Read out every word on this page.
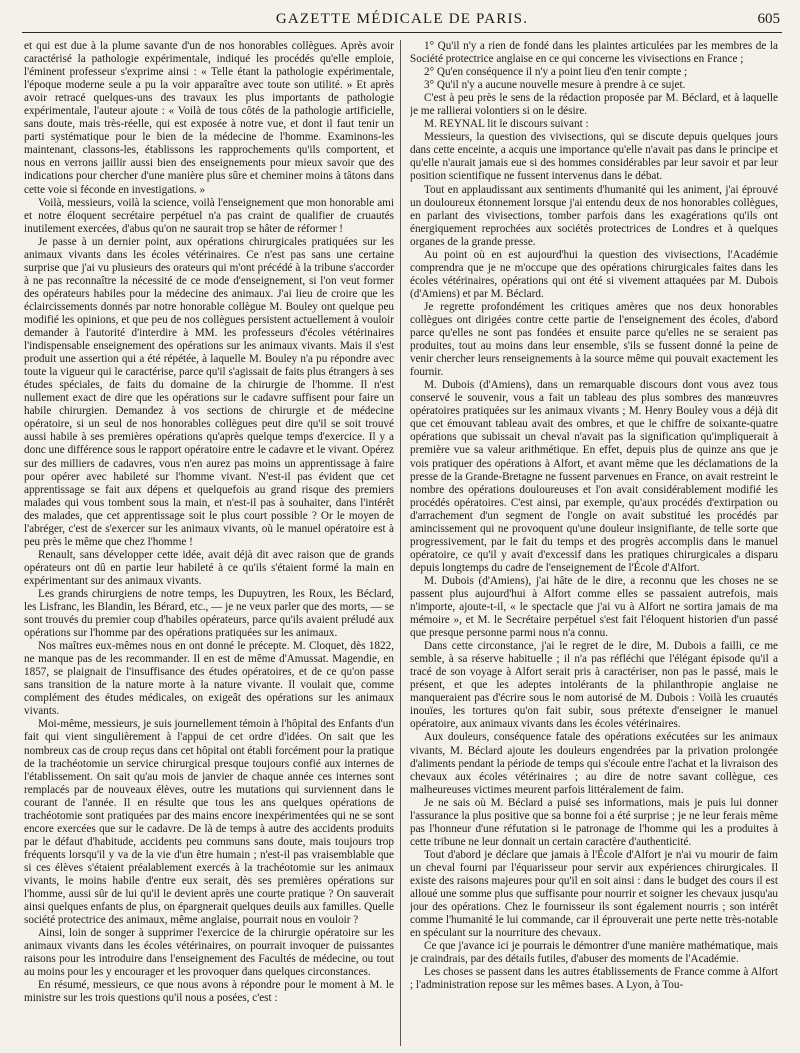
GAZETTE MÉDICALE DE PARIS.	605

et qui est due à la plume savante d'un de nos honorables collègues. Après avoir caractérisé la pathologie expérimentale, indiqué les procédés qu'elle emploie, l'éminent professeur s'exprime ainsi : « Telle étant la pathologie expérimentale, l'époque moderne seule a pu la voir apparaître avec toute son utilité. » Et après avoir retracé quelques-uns des travaux les plus importants de pathologie expérimentale, l'auteur ajoute : « Voilà de tous côtés de la pathologie artificielle, sans doute, mais très-réelle, qui est exposée à notre vue, et dont il faut tenir un parti systématique pour le bien de la médecine de l'homme. Examinons-les maintenant, classons-les, établissons les rapprochements qu'ils comportent, et nous en verrons jaillir aussi bien des enseignements pour mieux savoir que des indications pour chercher d'une manière plus sûre et cheminer moins à tâtons dans cette voie si féconde en investigations. »

Voilà, messieurs, voilà la science, voilà l'enseignement que mon honorable ami et notre éloquent secrétaire perpétuel n'a pas craint de qualifier de cruautés inutilement exercées, d'abus qu'on ne saurait trop se hâter de réformer !

Je passe à un dernier point, aux opérations chirurgicales pratiquées sur les animaux vivants dans les écoles vétérinaires. Ce n'est pas sans une certaine surprise que j'ai vu plusieurs des orateurs qui m'ont précédé à la tribune s'accorder à ne pas reconnaître la nécessité de ce mode d'enseignement, si l'on veut former des opérateurs habiles pour la médecine des animaux. J'ai lieu de croire que les éclaircissements donnés par notre honorable collègue M. Bouley ont quelque peu modifié les opinions, et que peu de nos collègues persistent actuellement à vouloir demander à l'autorité d'interdire à MM. les professeurs d'écoles vétérinaires l'indispensable enseignement des opérations sur les animaux vivants. Mais il s'est produit une assertion qui a été répétée, à laquelle M. Bouley n'a pu répondre avec toute la vigueur qui le caractérise, parce qu'il s'agissait de faits plus étrangers à ses études spéciales, de faits du domaine de la chirurgie de l'homme. Il n'est nullement exact de dire que les opérations sur le cadavre suffisent pour faire un habile chirurgien. Demandez à vos sections de chirurgie et de médecine opératoire, si un seul de nos honorables collègues peut dire qu'il se soit trouvé aussi habile à ses premières opérations qu'après quelque temps d'exercice. Il y a donc une différence sous le rapport opératoire entre le cadavre et le vivant. Opérez sur des milliers de cadavres, vous n'en aurez pas moins un apprentissage à faire pour opérer avec habileté sur l'homme vivant. N'est-il pas évident que cet apprentissage se fait aux dépens et quelquefois au grand risque des premiers malades qui vous tombent sous la main, et n'est-il pas à souhaiter, dans l'intérêt des malades, que cet apprentissage soit le plus court possible ? Or le moyen de l'abréger, c'est de s'exercer sur les animaux vivants, où le manuel opératoire est à peu près le même que chez l'homme !

Renault, sans développer cette idée, avait déjà dit avec raison que de grands opérateurs ont dû en partie leur habileté à ce qu'ils s'étaient formé la main en expérimentant sur des animaux vivants.

Les grands chirurgiens de notre temps, les Dupuytren, les Roux, les Béclard, les Lisfranc, les Blandin, les Bérard, etc., — je ne veux parler que des morts, — se sont trouvés du premier coup d'habiles opérateurs, parce qu'ils avaient préludé aux opérations sur l'homme par des opérations pratiquées sur les animaux.

Nos maîtres eux-mêmes nous en ont donné le précepte. M. Cloquet, dès 1822, ne manque pas de les recommander. Il en est de même d'Amussat. Magendie, en 1857, se plaignait de l'insuffisance des études opératoires, et de ce qu'on passe sans transition de la nature morte à la nature vivante. Il voulait que, comme complément des études médicales, on exigeât des opérations sur les animaux vivants.

Moi-même, messieurs, je suis journellement témoin à l'hôpital des Enfants d'un fait qui vient singulièrement à l'appui de cet ordre d'idées. On sait que les nombreux cas de croup reçus dans cet hôpital ont établi forcément pour la pratique de la trachéotomie un service chirurgical presque toujours confié aux internes de l'établissement. On sait qu'au mois de janvier de chaque année ces internes sont remplacés par de nouveaux élèves, outre les mutations qui surviennent dans le courant de l'année. Il en résulte que tous les ans quelques opérations de trachéotomie sont pratiquées par des mains encore inexpérimentées qui ne se sont encore exercées que sur le cadavre. De là de temps à autre des accidents produits par le défaut d'habitude, accidents peu communs sans doute, mais toujours trop fréquents lorsqu'il y va de la vie d'un être humain ; n'est-il pas vraisemblable que si ces élèves s'étaient préalablement exercés à la trachéotomie sur les animaux vivants, le moins habile d'entre eux serait, dès ses premières opérations sur l'homme, aussi sûr de lui qu'il le devient après une courte pratique ? On sauverait ainsi quelques enfants de plus, on épargnerait quelques deuils aux familles. Quelle société protectrice des animaux, même anglaise, pourrait nous en vouloir ?

Ainsi, loin de songer à supprimer l'exercice de la chirurgie opératoire sur les animaux vivants dans les écoles vétérinaires, on pourrait invoquer de puissantes raisons pour les introduire dans l'enseignement des Facultés de médecine, ou tout au moins pour les y encourager et les provoquer dans quelques circonstances.

En résumé, messieurs, ce que nous avons à répondre pour le moment à M. le ministre sur les trois questions qu'il nous a posées, c'est :

1° Qu'il n'y a rien de fondé dans les plaintes articulées par les membres de la Société protectrice anglaise en ce qui concerne les vivisections en France ;

2° Qu'en conséquence il n'y a point lieu d'en tenir compte ;

3° Qu'il n'y a aucune nouvelle mesure à prendre à ce sujet.

C'est à peu près le sens de la rédaction proposée par M. Béclard, et à laquelle je me rallierai volontiers si on le désire.

M. REYNAL lit le discours suivant :

Messieurs, la question des vivisections, qui se discute depuis quelques jours dans cette enceinte, a acquis une importance qu'elle n'avait pas dans le principe et qu'elle n'aurait jamais eue si des hommes considérables par leur savoir et par leur position scientifique ne fussent intervenus dans le débat.

Tout en applaudissant aux sentiments d'humanité qui les animent, j'ai éprouvé un douloureux étonnement lorsque j'ai entendu deux de nos honorables collègues, en parlant des vivisections, tomber parfois dans les exagérations qu'ils ont énergiquement reprochées aux sociétés protectrices de Londres et à quelques organes de la grande presse.

Au point où en est aujourd'hui la question des vivisections, l'Académie comprendra que je ne m'occupe que des opérations chirurgicales faites dans les écoles vétérinaires, opérations qui ont été si vivement attaquées par M. Dubois (d'Amiens) et par M. Béclard.

Je regrette profondément les critiques amères que nos deux honorables collègues ont dirigées contre cette partie de l'enseignement des écoles, d'abord parce qu'elles ne sont pas fondées et ensuite parce qu'elles ne se seraient pas produites, tout au moins dans leur ensemble, s'ils se fussent donné la peine de venir chercher leurs renseignements à la source même qui pouvait exactement les fournir.

M. Dubois (d'Amiens), dans un remarquable discours dont vous avez tous conservé le souvenir, vous a fait un tableau des plus sombres des manœuvres opératoires pratiquées sur les animaux vivants ; M. Henry Bouley vous a déjà dit que cet émouvant tableau avait des ombres, et que le chiffre de soixante-quatre opérations que subissait un cheval n'avait pas la signification qu'impliquerait à première vue sa valeur arithmétique. En effet, depuis plus de quinze ans que je vois pratiquer des opérations à Alfort, et avant même que les déclamations de la presse de la Grande-Bretagne ne fussent parvenues en France, on avait restreint le nombre des opérations douloureuses et l'on avait considérablement modifié les procédés opératoires. C'est ainsi, par exemple, qu'aux procédés d'extirpation ou d'arrachement d'un segment de l'ongle on avait substitué les procédés par amincissement qui ne provoquent qu'une douleur insignifiante, de telle sorte que progressivement, par le fait du temps et des progrès accomplis dans le manuel opératoire, ce qu'il y avait d'excessif dans les pratiques chirurgicales a disparu depuis longtemps du cadre de l'enseignement de l'École d'Alfort.

M. Dubois (d'Amiens), j'ai hâte de le dire, a reconnu que les choses ne se passent plus aujourd'hui à Alfort comme elles se passaient autrefois, mais n'importe, ajoute-t-il, « le spectacle que j'ai vu à Alfort ne sortira jamais de ma mémoire », et M. le Secrétaire perpétuel s'est fait l'éloquent historien d'un passé que presque personne parmi nous n'a connu.

Dans cette circonstance, j'ai le regret de le dire, M. Dubois a failli, ce me semble, à sa réserve habituelle ; il n'a pas réfléchi que l'élégant épisode qu'il a tracé de son voyage à Alfort serait pris à caractériser, non pas le passé, mais le présent, et que les adeptes intolérants de la philanthropie anglaise ne manqueraient pas d'écrire sous le nom autorisé de M. Dubois : Voilà les cruautés inouïes, les tortures qu'on fait subir, sous prétexte d'enseigner le manuel opératoire, aux animaux vivants dans les écoles vétérinaires.

Aux douleurs, conséquence fatale des opérations exécutées sur les animaux vivants, M. Béclard ajoute les douleurs engendrées par la privation prolongée d'aliments pendant la période de temps qui s'écoule entre l'achat et la livraison des chevaux aux écoles vétérinaires ; au dire de notre savant collègue, ces malheureuses victimes meurent parfois littéralement de faim.

Je ne sais où M. Béclard a puisé ses informations, mais je puis lui donner l'assurance la plus positive que sa bonne foi a été surprise ; je ne leur ferais même pas l'honneur d'une réfutation si le patronage de l'homme qui les a produites à cette tribune ne leur donnait un certain caractère d'authenticité.

Tout d'abord je déclare que jamais à l'École d'Alfort je n'ai vu mourir de faim un cheval fourni par l'équarisseur pour servir aux expériences chirurgicales. Il existe des raisons majeures pour qu'il en soit ainsi : dans le budget des cours il est alloué une somme plus que suffisante pour nourrir et soigner les chevaux jusqu'au jour des opérations. Chez le fournisseur ils sont également nourris ; son intérêt comme l'humanité le lui commande, car il éprouverait une perte nette très-notable en spéculant sur la nourriture des chevaux.

Ce que j'avance ici je pourrais le démontrer d'une manière mathématique, mais je craindrais, par des détails futiles, d'abuser des moments de l'Académie.

Les choses se passent dans les autres établissements de France comme à Alfort ; l'administration repose sur les mêmes bases. A Lyon, à Tou-
